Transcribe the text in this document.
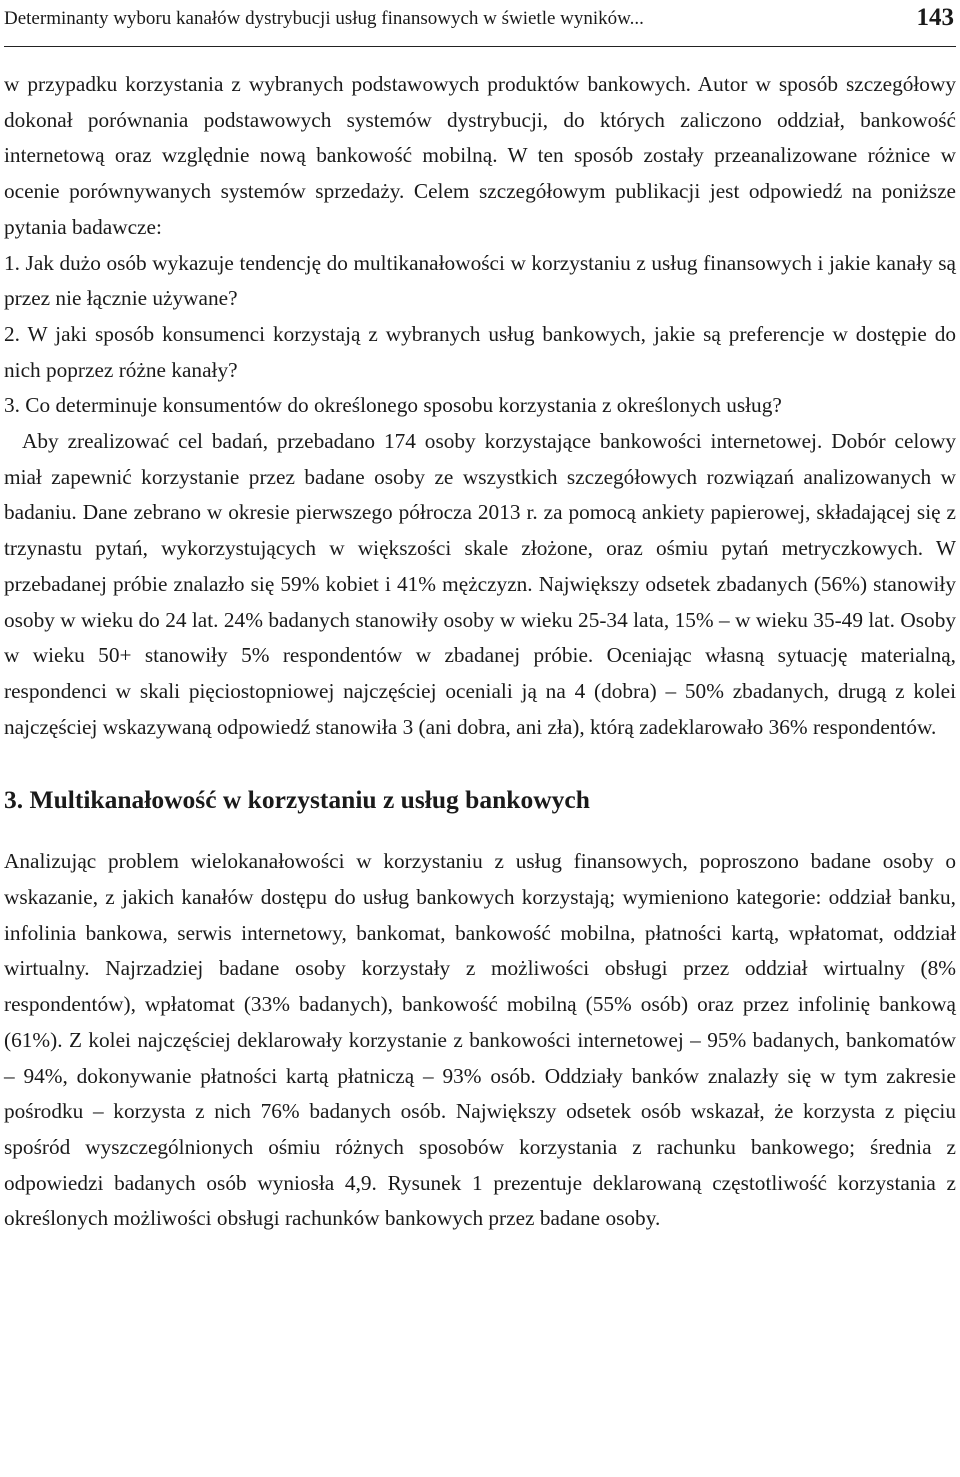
Determinanty wyboru kanałów dystrybucji usług finansowych w świetle wyników...	143

w przypadku korzystania z wybranych podstawowych produktów bankowych. Autor w sposób szczegółowy dokonał porównania podstawowych systemów dystrybucji, do których zaliczono oddział, bankowość internetową oraz względnie nową bankowość mobilną. W ten sposób zostały przeanalizowane różnice w ocenie porównywanych systemów sprzedaży. Celem szczegółowym publikacji jest odpowiedź na poniższe pytania badawcze:

1. Jak dużo osób wykazuje tendencję do multikanałowości w korzystaniu z usług finansowych i jakie kanały są przez nie łącznie używane?

2. W jaki sposób konsumenci korzystają z wybranych usług bankowych, jakie są preferencje w dostępie do nich poprzez różne kanały?

3. Co determinuje konsumentów do określonego sposobu korzystania z określonych usług?

Aby zrealizować cel badań, przebadano 174 osoby korzystające bankowości internetowej. Dobór celowy miał zapewnić korzystanie przez badane osoby ze wszystkich szczegółowych rozwiązań analizowanych w badaniu. Dane zebrano w okresie pierwszego półrocza 2013 r. za pomocą ankiety papierowej, składającej się z trzynastu pytań, wykorzystujących w większości skale złożone, oraz ośmiu pytań metryczkowych. W przebadanej próbie znalazło się 59% kobiet i 41% mężczyzn. Największy odsetek zbadanych (56%) stanowiły osoby w wieku do 24 lat. 24% badanych stanowiły osoby w wieku 25-34 lata, 15% – w wieku 35-49 lat. Osoby w wieku 50+ stanowiły 5% respondentów w zbadanej próbie. Oceniając własną sytuację materialną, respondenci w skali pięciostopniowej najczęściej oceniali ją na 4 (dobra) – 50% zbadanych, drugą z kolei najczęściej wskazywaną odpowiedź stanowiła 3 (ani dobra, ani zła), którą zadeklarowało 36% respondentów.

3. Multikanałowość w korzystaniu z usług bankowych

Analizując problem wielokanałowości w korzystaniu z usług finansowych, poproszono badane osoby o wskazanie, z jakich kanałów dostępu do usług bankowych korzystają; wymieniono kategorie: oddział banku, infolinia bankowa, serwis internetowy, bankomat, bankowość mobilna, płatności kartą, wpłatomat, oddział wirtualny. Najrzadziej badane osoby korzystały z możliwości obsługi przez oddział wirtualny (8% respondentów), wpłatomat (33% badanych), bankowość mobilną (55% osób) oraz przez infolinię bankową (61%). Z kolei najczęściej deklarowały korzystanie z bankowości internetowej – 95% badanych, bankomatów – 94%, dokonywanie płatności kartą płatniczą – 93% osób. Oddziały banków znalazły się w tym zakresie pośrodku – korzysta z nich 76% badanych osób. Największy odsetek osób wskazał, że korzysta z pięciu spośród wyszczególnionych ośmiu różnych sposobów korzystania z rachunku bankowego; średnia z odpowiedzi badanych osób wyniosła 4,9. Rysunek 1 prezentuje deklarowaną częstotliwość korzystania z określonych możliwości obsługi rachunków bankowych przez badane osoby.
